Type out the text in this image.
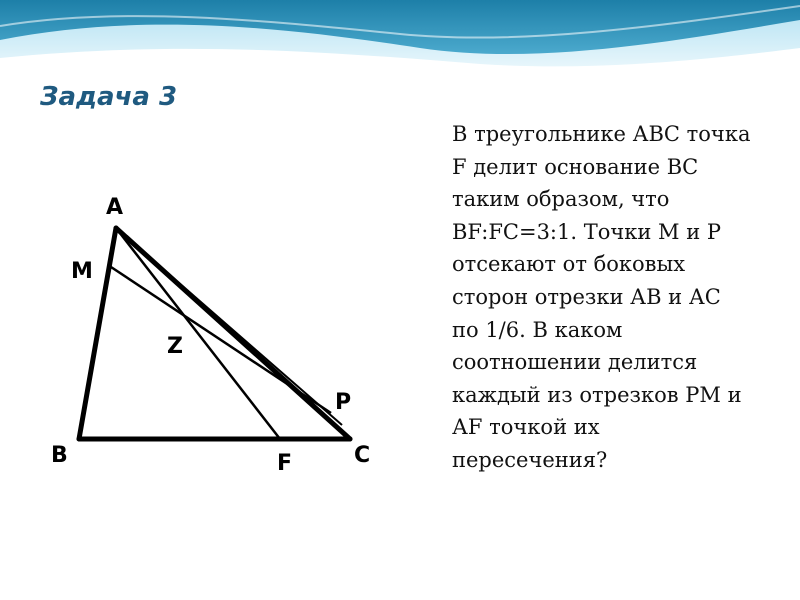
Задача 3
A
M
Z
P
B	F	C

В треугольнике АВС точка F делит основание ВС таким образом, что BF:FC=3:1. Точки М и Р отсекают от боковых сторон отрезки АВ и АС по 1/6. В каком соотношении делится каждый из отрезков РМ и АF точкой их пересечения?
